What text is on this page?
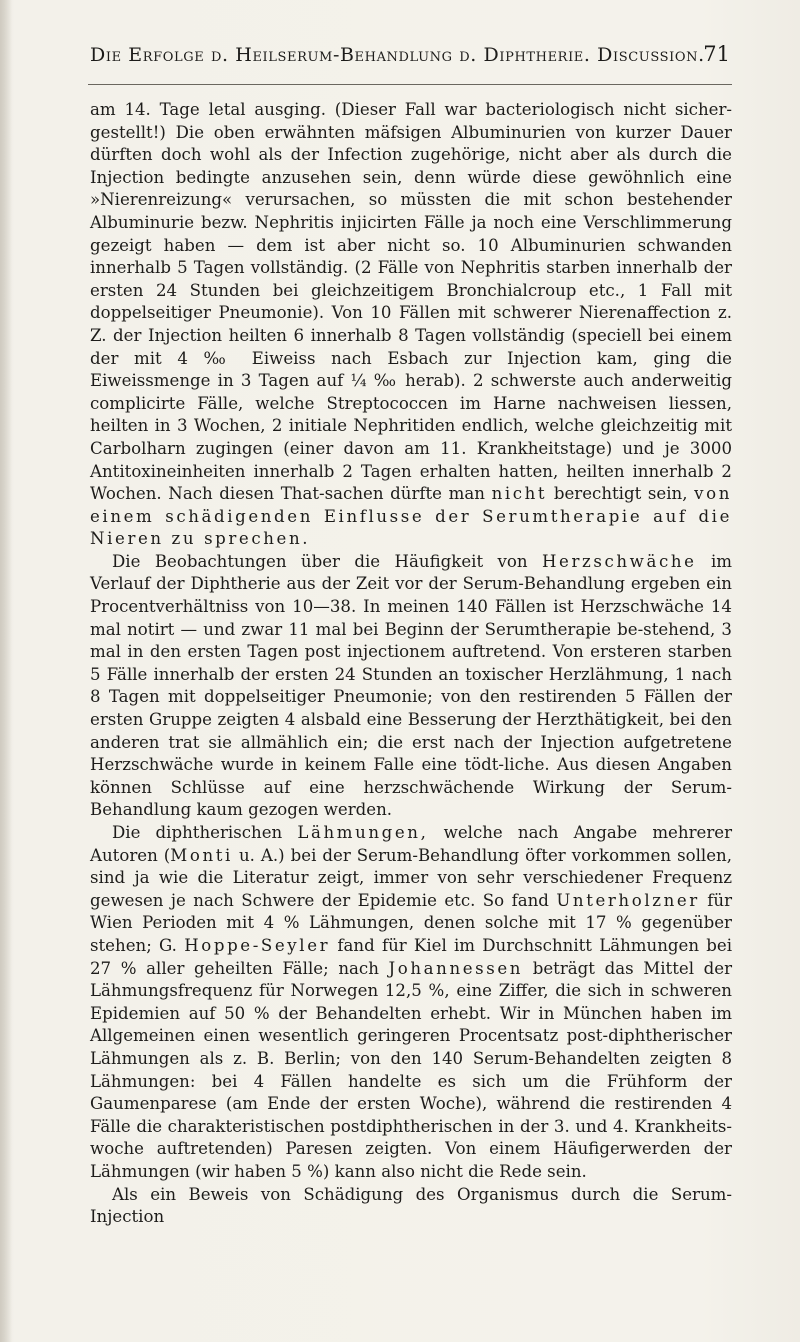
Die Erfolge d. Heilserum-Behandlung d. Diphtherie. Discussion.
71

am 14. Tage letal ausging. (Dieser Fall war bacteriologisch nicht sicher-gestellt!) Die oben erwähnten mäfsigen Albuminurien von kurzer Dauer dürften doch wohl als der Infection zugehörige, nicht aber als durch die Injection bedingte anzusehen sein, denn würde diese gewöhnlich eine »Nierenreizung« verursachen, so müssten die mit schon bestehender Albuminurie bezw. Nephritis injicirten Fälle ja noch eine Verschlimmerung gezeigt haben — dem ist aber nicht so. 10 Albuminurien schwanden innerhalb 5 Tagen vollständig. (2 Fälle von Nephritis starben innerhalb der ersten 24 Stunden bei gleichzeitigem Bronchialcroup etc., 1 Fall mit doppelseitiger Pneumonie). Von 10 Fällen mit schwerer Nierenaffection z. Z. der Injection heilten 6 innerhalb 8 Tagen vollständig (speciell bei einem der mit 4 ‰ Eiweiss nach Esbach zur Injection kam, ging die Eiweissmenge in 3 Tagen auf ¼ ‰ herab). 2 schwerste auch anderweitig complicirte Fälle, welche Streptococcen im Harne nachweisen liessen, heilten in 3 Wochen, 2 initiale Nephritiden endlich, welche gleichzeitig mit Carbolharn zugingen (einer davon am 11. Krankheitstage) und je 3000 Antitoxineinheiten innerhalb 2 Tagen erhalten hatten, heilten innerhalb 2 Wochen. Nach diesen That-sachen dürfte man nicht berechtigt sein, von einem schädigenden Einflusse der Serumtherapie auf die Nieren zu sprechen.

Die Beobachtungen über die Häufigkeit von Herzschwäche im Verlauf der Diphtherie aus der Zeit vor der Serum-Behandlung ergeben ein Procentverhältniss von 10—38. In meinen 140 Fällen ist Herzschwäche 14 mal notirt — und zwar 11 mal bei Beginn der Serumtherapie be-stehend, 3 mal in den ersten Tagen post injectionem auftretend. Von ersteren starben 5 Fälle innerhalb der ersten 24 Stunden an toxischer Herzlähmung, 1 nach 8 Tagen mit doppelseitiger Pneumonie; von den restirenden 5 Fällen der ersten Gruppe zeigten 4 alsbald eine Besserung der Herzthätigkeit, bei den anderen trat sie allmählich ein; die erst nach der Injection aufgetretene Herzschwäche wurde in keinem Falle eine tödt-liche. Aus diesen Angaben können Schlüsse auf eine herzschwächende Wirkung der Serum-Behandlung kaum gezogen werden.

Die diphtherischen Lähmungen, welche nach Angabe mehrerer Autoren (Monti u. A.) bei der Serum-Behandlung öfter vorkommen sollen, sind ja wie die Literatur zeigt, immer von sehr verschiedener Frequenz gewesen je nach Schwere der Epidemie etc. So fand Unterholzner für Wien Perioden mit 4 % Lähmungen, denen solche mit 17 % gegenüber stehen; G. Hoppe-Seyler fand für Kiel im Durchschnitt Lähmungen bei 27 % aller geheilten Fälle; nach Johannessen beträgt das Mittel der Lähmungsfrequenz für Norwegen 12,5 %, eine Ziffer, die sich in schweren Epidemien auf 50 % der Behandelten erhebt. Wir in München haben im Allgemeinen einen wesentlich geringeren Procentsatz post-diphtherischer Lähmungen als z. B. Berlin; von den 140 Serum-Behandelten zeigten 8 Lähmungen: bei 4 Fällen handelte es sich um die Frühform der Gaumenparese (am Ende der ersten Woche), während die restirenden 4 Fälle die charakteristischen postdiphtherischen in der 3. und 4. Krankheits-woche auftretenden) Paresen zeigten. Von einem Häufigerwerden der Lähmungen (wir haben 5 %) kann also nicht die Rede sein.

Als ein Beweis von Schädigung des Organismus durch die Serum-Injection
